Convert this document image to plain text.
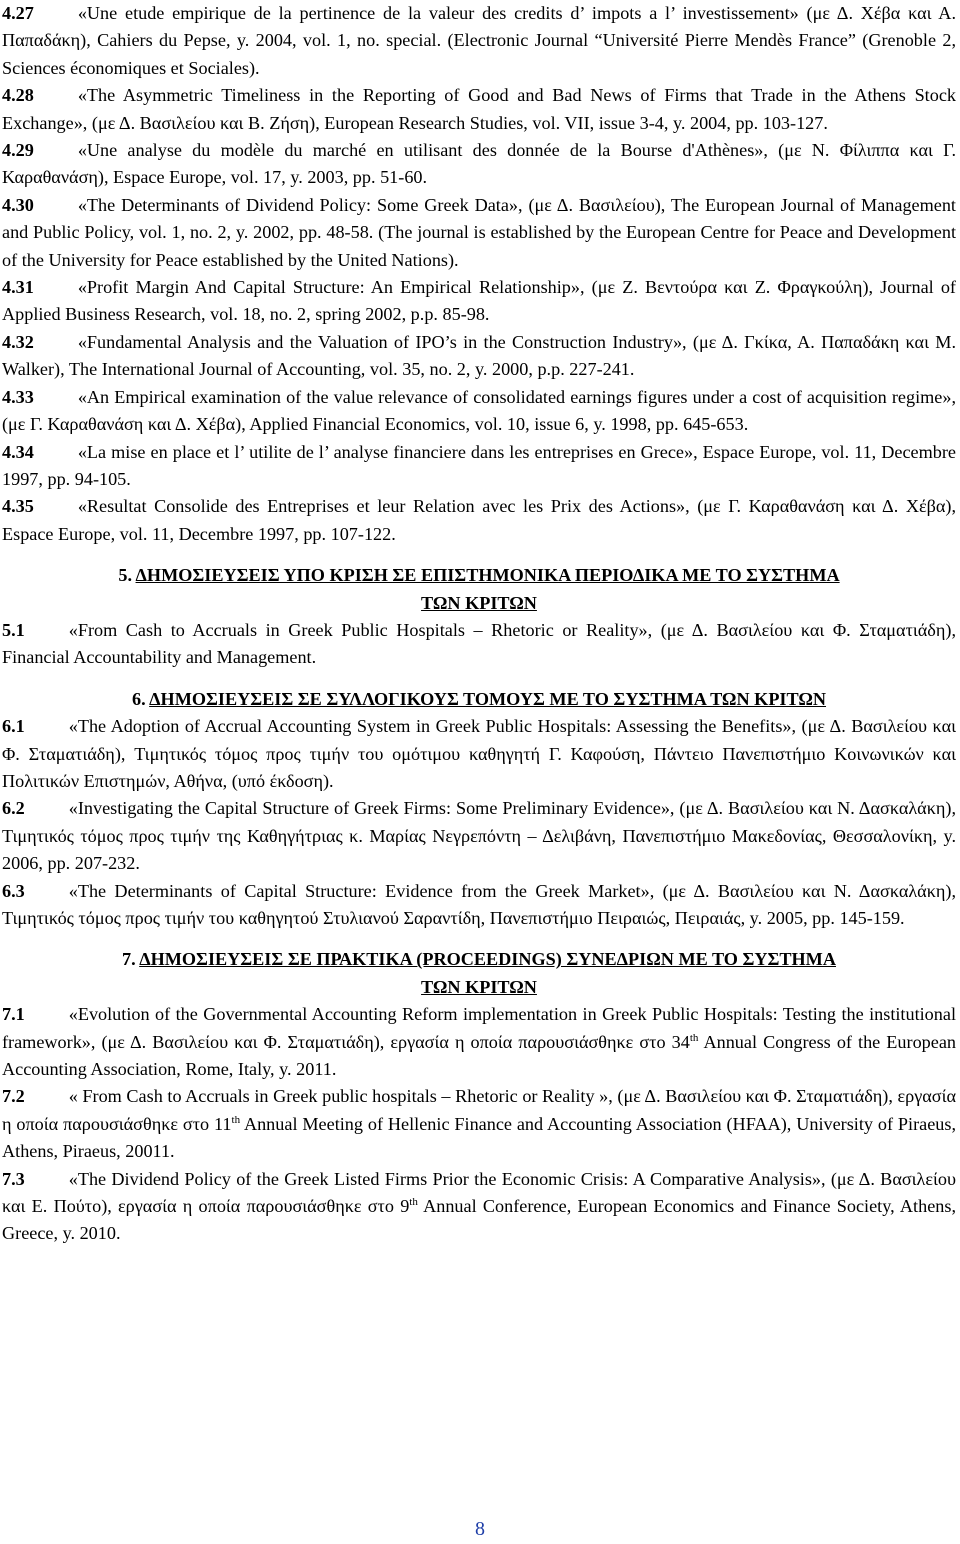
4.27 «Une etude empirique de la pertinence de la valeur des credits d’ impots a l’ investissement» (με Δ. Χέβα και Α. Παπαδάκη), Cahiers du Pepse, y. 2004, vol. 1, no. special. (Electronic Journal “Université Pierre Mendès France” (Grenoble 2, Sciences économiques et Sociales).

4.28 «The Asymmetric Timeliness in the Reporting of Good and Bad News of Firms that Trade in the Athens Stock Exchange», (με Δ. Βασιλείου και Β. Ζήση), European Research Studies, vol. VII, issue 3-4, y. 2004, pp. 103-127.

4.29 «Une analyse du modèle du marché en utilisant des donnée de la Bourse d'Athènes», (με Ν. Φίλιππα και Γ. Καραθανάση), Espace Europe, vol. 17, y. 2003, pp. 51-60.

4.30 «The Determinants of Dividend Policy: Some Greek Data», (με Δ. Βασιλείου), The European Journal of Management and Public Policy, vol. 1, no. 2, y. 2002, pp. 48-58. (The journal is established by the European Centre for Peace and Development of the University for Peace established by the United Nations).

4.31 «Profit Margin And Capital Structure: An Empirical Relationship», (με Ζ. Βεντούρα και Ζ. Φραγκούλη), Journal of Applied Business Research, vol. 18, no. 2, spring 2002, p.p. 85-98.

4.32 «Fundamental Analysis and the Valuation of IPO’s in the Construction Industry», (με Δ. Γκίκα, Α. Παπαδάκη και Μ. Walker), The International Journal of Accounting, vol. 35, no. 2, y. 2000, p.p. 227-241.

4.33 «An Empirical examination of the value relevance of consolidated earnings figures under a cost of acquisition regime», (με Γ. Καραθανάση και Δ. Χέβα), Applied Financial Economics, vol. 10, issue 6, y. 1998, pp. 645-653.

4.34 «La mise en place et l’ utilite de l’ analyse financiere dans les entreprises en Grece», Espace Europe, vol. 11, Decembre 1997, pp. 94-105.

4.35 «Resultat Consolide des Entreprises et leur Relation avec les Prix des Actions», (με Γ. Καραθανάση και Δ. Χέβα), Espace Europe, vol. 11, Decembre 1997, pp. 107-122.

5. ΔΗΜΟΣΙΕΥΣΕΙΣ ΥΠΟ ΚΡΙΣΗ ΣΕ ΕΠΙΣΤΗΜΟΝΙΚΑ ΠΕΡΙΟΔΙΚΑ ΜΕ ΤΟ ΣΥΣΤΗΜΑ
ΤΩΝ ΚΡΙΤΩΝ

5.1 «From Cash to Accruals in Greek Public Hospitals – Rhetoric or Reality», (με Δ. Βασιλείου και Φ. Σταματιάδη), Financial Accountability and Management.

6. ΔΗΜΟΣΙΕΥΣΕΙΣ ΣΕ ΣΥΛΛΟΓΙΚΟΥΣ ΤΟΜΟΥΣ ΜΕ ΤΟ ΣΥΣΤΗΜΑ ΤΩΝ ΚΡΙΤΩΝ

6.1 «The Adoption of Accrual Accounting System in Greek Public Hospitals: Assessing the Benefits», (με Δ. Βασιλείου και Φ. Σταματιάδη), Τιμητικός τόμος προς τιμήν του ομότιμου καθηγητή Γ. Καφούση, Πάντειο Πανεπιστήμιο Κοινωνικών και Πολιτικών Επιστημών, Αθήνα, (υπό έκδοση).

6.2 «Investigating the Capital Structure of Greek Firms: Some Preliminary Evidence», (με Δ. Βασιλείου και Ν. Δασκαλάκη), Τιμητικός τόμος προς τιμήν της Καθηγήτριας κ. Μαρίας Νεγρεπόντη – Δελιβάνη, Πανεπιστήμιο Μακεδονίας, Θεσσαλονίκη, y. 2006, pp. 207-232.

6.3 «The Determinants of Capital Structure: Evidence from the Greek Market», (με Δ. Βασιλείου και Ν. Δασκαλάκη), Τιμητικός τόμος προς τιμήν του καθηγητού Στυλιανού Σαραντίδη, Πανεπιστήμιο Πειραιώς, Πειραιάς, y. 2005, pp. 145-159.

7. ΔΗΜΟΣΙΕΥΣΕΙΣ ΣΕ ΠΡΑΚΤΙΚΑ (PROCEEDINGS) ΣΥΝΕΔΡΙΩΝ ΜΕ ΤΟ ΣΥΣΤΗΜΑ
ΤΩΝ ΚΡΙΤΩΝ

7.1 «Evolution of the Governmental Accounting Reform implementation in Greek Public Hospitals: Testing the institutional framework», (με Δ. Βασιλείου και Φ. Σταματιάδη), εργασία η οποία παρουσιάσθηκε στο 34th Annual Congress of the European Accounting Association, Rome, Italy, y. 2011.

7.2 « From Cash to Accruals in Greek public hospitals – Rhetoric or Reality », (με Δ. Βασιλείου και Φ. Σταματιάδη), εργασία η οποία παρουσιάσθηκε στο 11th Annual Meeting of Hellenic Finance and Accounting Association (HFAA), University of Piraeus, Athens, Piraeus, 20011.

7.3 «The Dividend Policy of the Greek Listed Firms Prior the Economic Crisis: A Comparative Analysis», (με Δ. Βασιλείου και Ε. Πούτο), εργασία η οποία παρουσιάσθηκε στο 9th Annual Conference, European Economics and Finance Society, Athens, Greece, y. 2010.

8
